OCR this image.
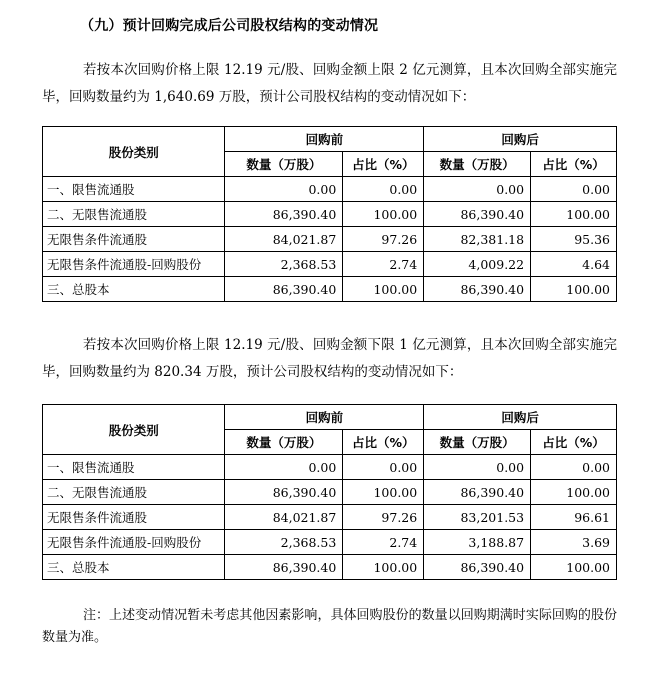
（九）预计回购完成后公司股权结构的变动情况
若按本次回购价格上限 12.19 元/股、回购金额上限 2 亿元测算，且本次回购全部实施完毕，回购数量约为 1,640.69 万股，预计公司股权结构的变动情况如下：
股份类别	回购前		回购后	
	数量（万股）	占比（%）	数量（万股）	占比（%）
一、限售流通股	0.00	0.00	0.00	0.00
二、无限售流通股	86,390.40	100.00	86,390.40	100.00
无限售条件流通股	84,021.87	97.26	82,381.18	95.36
无限售条件流通股-回购股份	2,368.53	2.74	4,009.22	4.64
三、总股本	86,390.40	100.00	86,390.40	100.00
若按本次回购价格上限 12.19 元/股、回购金额下限 1 亿元测算，且本次回购全部实施完毕，回购数量约为 820.34 万股，预计公司股权结构的变动情况如下：
股份类别	回购前		回购后	
	数量（万股）	占比（%）	数量（万股）	占比（%）
一、限售流通股	0.00	0.00	0.00	0.00
二、无限售流通股	86,390.40	100.00	86,390.40	100.00
无限售条件流通股	84,021.87	97.26	83,201.53	96.61
无限售条件流通股-回购股份	2,368.53	2.74	3,188.87	3.69
三、总股本	86,390.40	100.00	86,390.40	100.00
注：上述变动情况暂未考虑其他因素影响，具体回购股份的数量以回购期满时实际回购的股份数量为准。
